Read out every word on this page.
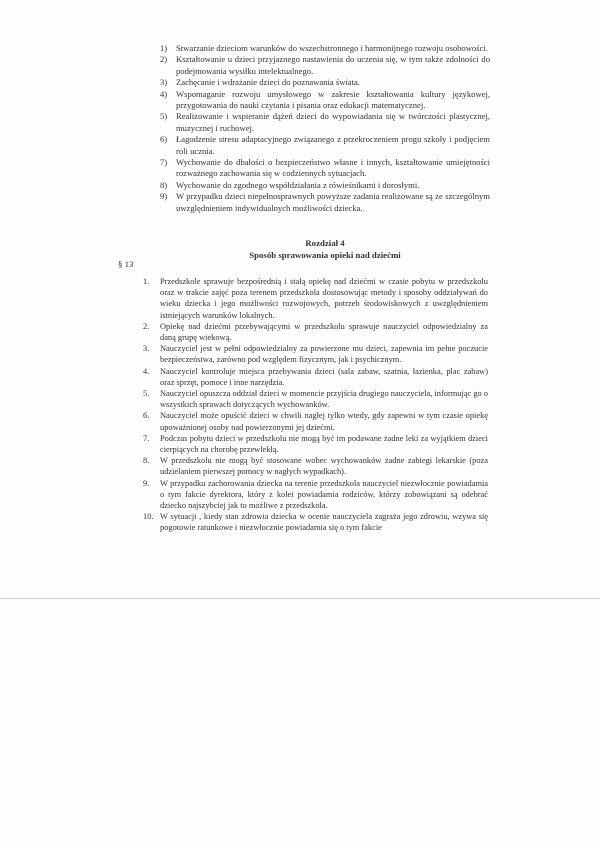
1) Stwarzanie dzieciom warunków do wszechstronnego i harmonijnego rozwoju osobowości.
2) Kształtowanie u dzieci przyjaznego nastawienia do uczenia się, w tym także zdolności do podejmowania wysiłku intelektualnego.
3) Zachęcanie i wdrażanie dzieci do poznawania świata.
4) Wspomaganie rozwoju umysłowego w zakresie kształtowania kultury językowej, przygotowania do nauki czytania i pisania oraz edukacji matematycznej.
5) Realizowanie i wspieranie dążeń dzieci do wypowiadania się w twórczości plastycznej, muzycznej i ruchowej.
6) Łagodzenie stresu adaptacyjnego związanego z przekroczeniem progu szkoły i podjęciem roli ucznia.
7) Wychowanie do dbałości o bezpieczeństwo własne i innych, kształtowanie umiejętności rozważnego zachowania się w codziennych sytuacjach.
8) Wychowanie do zgodnego współdziałania z rówieśnikami i dorosłymi.
9) W przypadku dzieci niepełnosprawnych powyższe zadania realizowane są ze szczególnym uwzględnieniem indywidualnych możliwości dziecka.
Rozdział 4
Sposób sprawowania opieki nad dziećmi
§ 13
1. Przedszkole sprawuje bezpośrednią i stałą opiekę nad dziećmi w czasie pobytu w przedszkolu oraz w trakcie zajęć poza terenem przedszkola dostosowując metody i sposoby oddziaływań do wieku dziecka i jego możliwości rozwojowych, potrzeb środowiskowych z uwzględnieniem istniejących warunków lokalnych.
2. Opiekę nad dziećmi przebywającymi w przedszkolu sprawuje nauczyciel odpowiedzialny za daną grupę wiekową.
3. Nauczyciel jest w pełni odpowiedzialny za powierzone mu dzieci, zapewnia im pełne poczucie bezpieczeństwa, zarówno pod względem fizycznym, jak i psychicznym.
4. Nauczyciel kontroluje miejsca przebywania dzieci (sala zabaw, szatnia, łazienka, plac zabaw) oraz sprzęt, pomoce i inne narzędzia.
5. Nauczyciel opuszcza oddział dzieci w momencie przyjścia drugiego nauczyciela, informując go o wszystkich sprawach dotyczących wychowanków.
6. Nauczyciel może opuścić dzieci w chwili nagłej tylko wtedy, gdy zapewni w tym czasie opiekę upoważnionej osoby nad powierzonymi jej dziećmi.
7. Podczas pobytu dzieci w przedszkolu nie mogą być im podawane żadne leki za wyjątkiem dzieci cierpiących na chorobę przewlekłą.
8. W przedszkolu nie mogą być stosowane wobec wychowanków żadne zabiegi lekarskie (poza udzielaniem pierwszej pomocy w nagłych wypadkach).
9. W przypadku zachorowania dziecka na terenie przedszkola nauczyciel niezwłocznie powiadamia o tym fakcie dyrektora, który z kolei powiadamia rodziców, którzy zobowiązani są odebrać dziecko najszybciej jak to możliwe z przedszkola.
10. W sytuacji , kiedy stan zdrowia dziecka w ocenie nauczyciela zagraża jego zdrowiu, wzywa się pogotowie ratunkowe i niezwłocznie powiadamia się o tym fakcie
